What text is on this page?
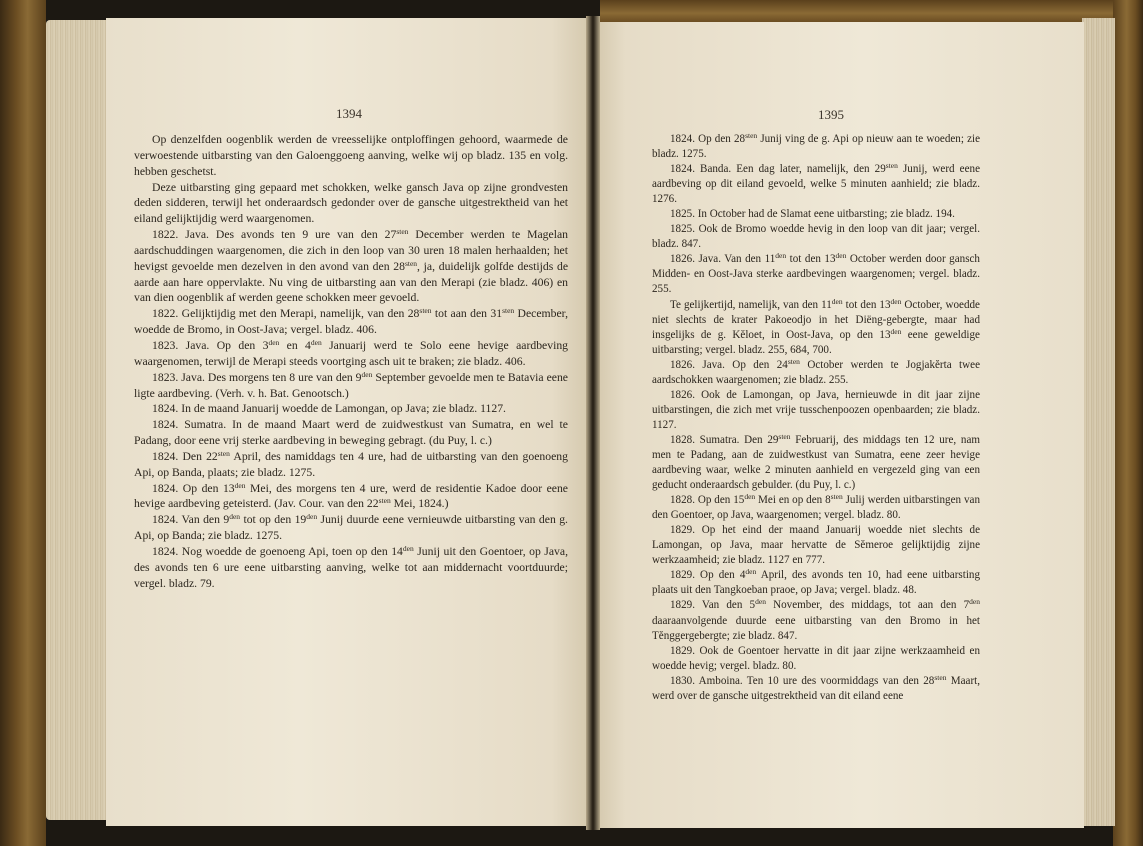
1394	1395

Op denzelfden oogenblik werden de vreesselijke ontploffingen gehoord, waarmede de verwoestende uitbarsting van den Galoenggoeng aanving, welke wij op bladz. 135 en volg. hebben geschetst.

Deze uitbarsting ging gepaard met schokken, welke gansch Java op zijne grondvesten deden sidderen, terwijl het onderaardsch gedonder over de gansche uitgestrektheid van het eiland gelijktijdig werd waargenomen.

1822. Java. Des avonds ten 9 ure van den $27^{sten}$ December werden te Magelan aardschuddingen waargenomen, die zich in den loop van 30 uren 18 malen herhaalden; het hevigst gevoelde men dezelven in den avond van den $28^{sten}$, ja, duidelijk golfde destijds de aarde aan hare oppervlakte. Nu ving de uitbarsting aan van den Merapi (zie bladz. 406) en van dien oogenblik af werden geene schokken meer gevoeld.

1822. Gelijktijdig met den Merapi, namelijk, van den $28^{sten}$ tot aan den $31^{sten}$ December, woedde de Bromo, in Oost-Java; vergel. bladz. 406.

1823. Java. Op den $3^{den}$ en $4^{den}$ Januarij werd te Solo eene hevige aardbeving waargenomen, terwijl de Merapi steeds voortging asch uit te braken; zie bladz. 406.

1823. Java. Des morgens ten 8 ure van den $9^{den}$ September gevoelde men te Batavia eene ligte aardbeving. (Verh. v. h. Bat. Genootsch.)

1824. In de maand Januarij woedde de Lamongan, op Java; zie bladz. 1127.

1824. Sumatra. In de maand Maart werd de zuidwestkust van Sumatra, en wel te Padang, door eene vrij sterke aardbeving in beweging gebragt. (du Puy, l. c.)

1824. Den $22^{sten}$ April, des namiddags ten 4 ure, had de uitbarsting van den goenoeng Api, op Banda, plaats; zie bladz. 1275.

1824. Op den $13^{den}$ Mei, des morgens ten 4 ure, werd de residentie Kadoe door eene hevige aardbeving geteisterd. (Jav. Cour. van den $22^{sten}$ Mei, 1824.)

1824. Van den $9^{den}$ tot op den $19^{den}$ Junij duurde eene vernieuwde uitbarsting van den g. Api, op Banda; zie bladz. 1275.

1824. Nog woedde de goenoeng Api, toen op den $14^{den}$ Junij uit den Goentoer, op Java, des avonds ten 6 ure eene uitbarsting aanving, welke tot aan middernacht voortduurde; vergel. bladz. 79.

1824. Op den $28^{sten}$ Junij ving de g. Api op nieuw aan te woeden; zie bladz. 1275.

1824. Banda. Een dag later, namelijk, den $29^{sten}$ Junij, werd eene aardbeving op dit eiland gevoeld, welke 5 minuten aanhield; zie bladz. 1276.

1825. In October had de Slamat eene uitbarsting; zie bladz. 194.

1825. Ook de Bromo woedde hevig in den loop van dit jaar; vergel. bladz. 847.

1826. Java. Van den $11^{den}$ tot den $13^{den}$ October werden door gansch Midden- en Oost-Java sterke aardbevingen waargenomen; vergel. bladz. 255.

Te gelijkertijd, namelijk, van den $11^{den}$ tot den $13^{den}$ October, woedde niet slechts de krater Pakoeodjo in het Diëng-gebergte, maar had insgelijks de g. Kĕloet, in Oost-Java, op den $13^{den}$ eene geweldige uitbarsting; vergel. bladz. 255, 684, 700.

1826. Java. Op den $24^{sten}$ October werden te Jogjakĕrta twee aardschokken waargenomen; zie bladz. 255.

1826. Ook de Lamongan, op Java, hernieuwde in dit jaar zijne uitbarstingen, die zich met vrije tusschenpoozen openbaarden; zie bladz. 1127.

1828. Sumatra. Den $29^{sten}$ Februarij, des middags ten 12 ure, nam men te Padang, aan de zuidwestkust van Sumatra, eene zeer hevige aardbeving waar, welke 2 minuten aanhield en vergezeld ging van een geducht onderaardsch gebulder. (du Puy, l. c.)

1828. Op den $15^{den}$ Mei en op den $8^{sten}$ Julij werden uitbarstingen van den Goentoer, op Java, waargenomen; vergel. bladz. 80.

1829. Op het eind der maand Januarij woedde niet slechts de Lamongan, op Java, maar hervatte de Sĕmeroe gelijktijdig zijne werkzaamheid; zie bladz. 1127 en 777.

1829. Op den $4^{den}$ April, des avonds ten 10, had eene uitbarsting plaats uit den Tangkoeban praoe, op Java; vergel. bladz. 48.

1829. Van den $5^{den}$ November, des middags, tot aan den $7^{den}$ daaraanvolgende duurde eene uitbarsting van den Bromo in het Tĕnggergebergte; zie bladz. 847.

1829. Ook de Goentoer hervatte in dit jaar zijne werkzaamheid en woedde hevig; vergel. bladz. 80.

1830. Amboina. Ten 10 ure des voormiddags van den $28^{sten}$ Maart, werd over de gansche uitgestrektheid van dit eiland eene
